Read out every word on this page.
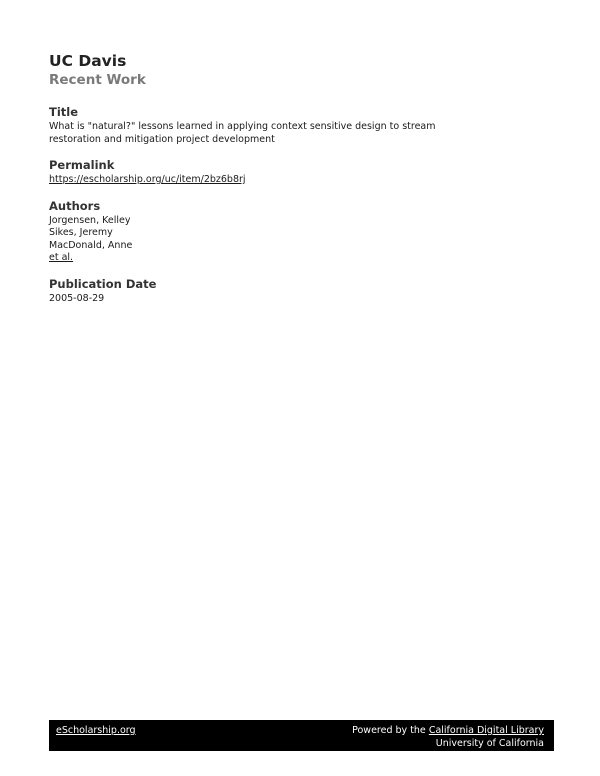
UC Davis
Recent Work
Title
What is "natural?" lessons learned in applying context sensitive design to stream
restoration and mitigation project development
Permalink
https://escholarship.org/uc/item/2bz6b8rj
Authors
Jorgensen, Kelley
Sikes, Jeremy
MacDonald, Anne
et al.
Publication Date
2005-08-29
eScholarship.org	Powered by the California Digital Library
University of California
